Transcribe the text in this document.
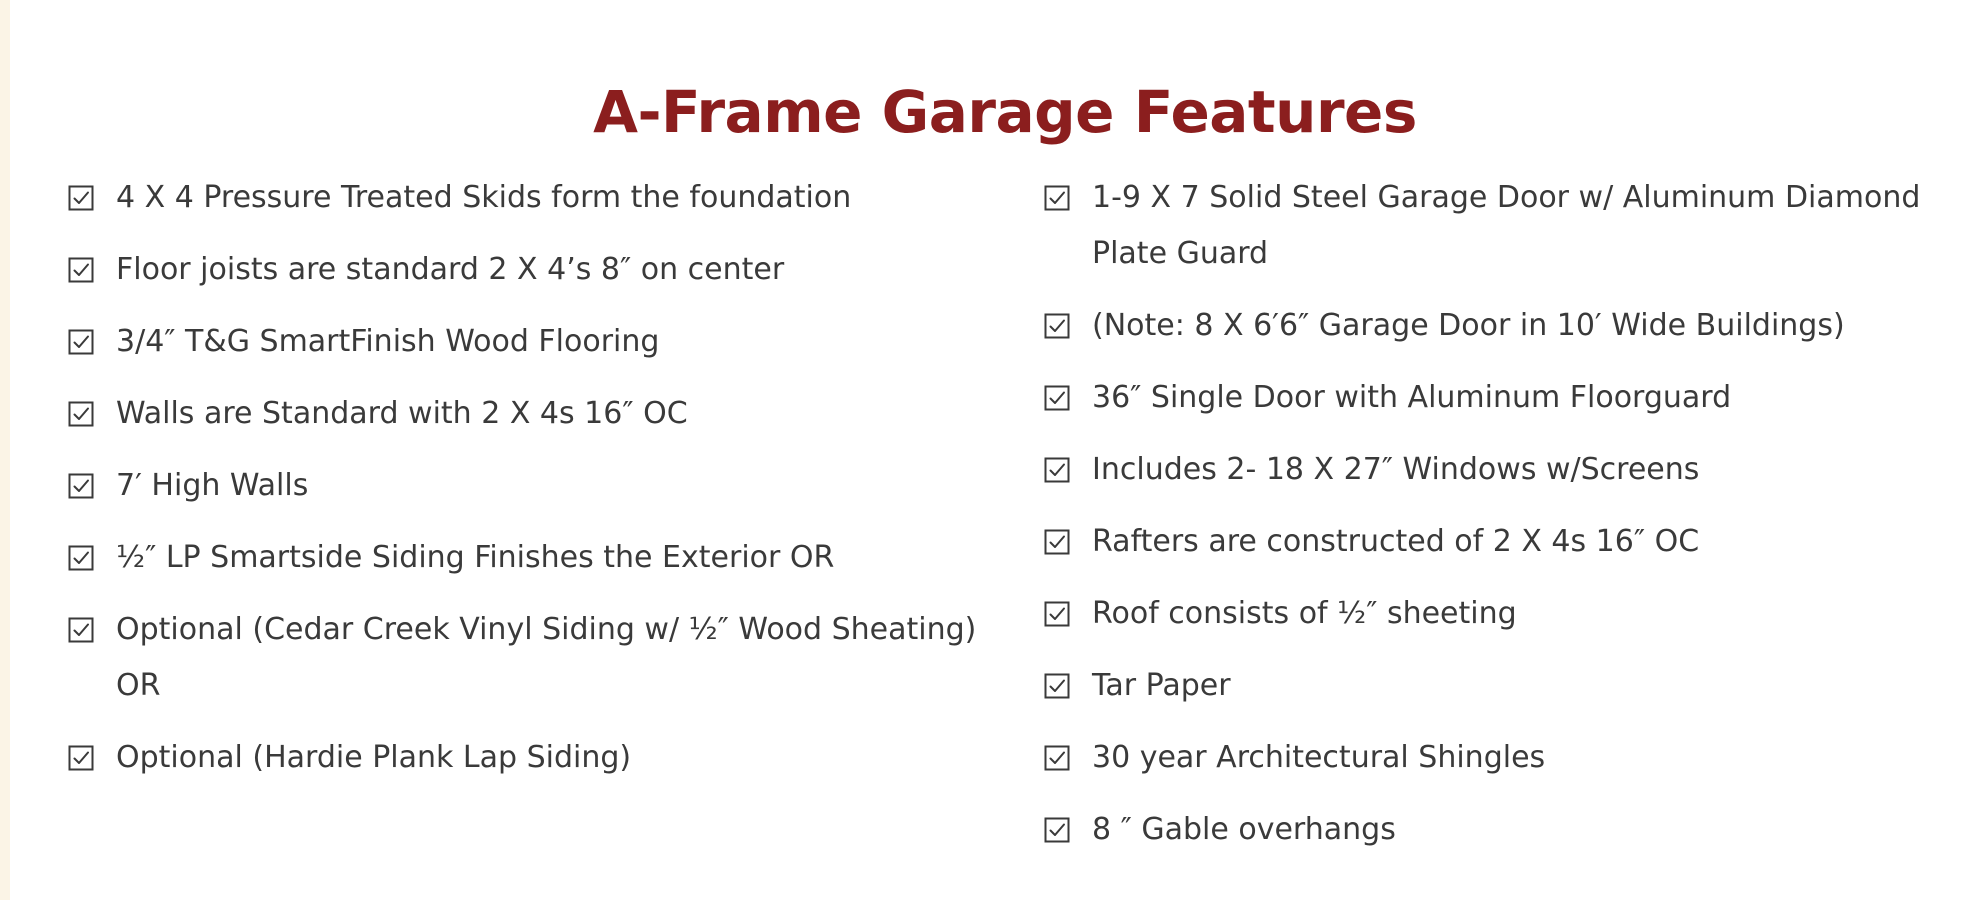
A-Frame Garage Features
4 X 4 Pressure Treated Skids form the foundation
Floor joists are standard 2 X 4’s 8″ on center
3/4″ T&G SmartFinish Wood Flooring
Walls are Standard with 2 X 4s 16″ OC
7′ High Walls
½″ LP Smartside Siding Finishes the Exterior OR
Optional (Cedar Creek Vinyl Siding w/ ½″ Wood Sheating) OR
Optional (Hardie Plank Lap Siding)
1-9 X 7 Solid Steel Garage Door w/ Aluminum Diamond Plate Guard
(Note: 8 X 6′6″ Garage Door in 10′ Wide Buildings)
36″ Single Door with Aluminum Floorguard
Includes 2- 18 X 27″ Windows w/Screens
Rafters are constructed of 2 X 4s 16″ OC
Roof consists of ½″ sheeting
Tar Paper
30 year Architectural Shingles
8 ″ Gable overhangs
